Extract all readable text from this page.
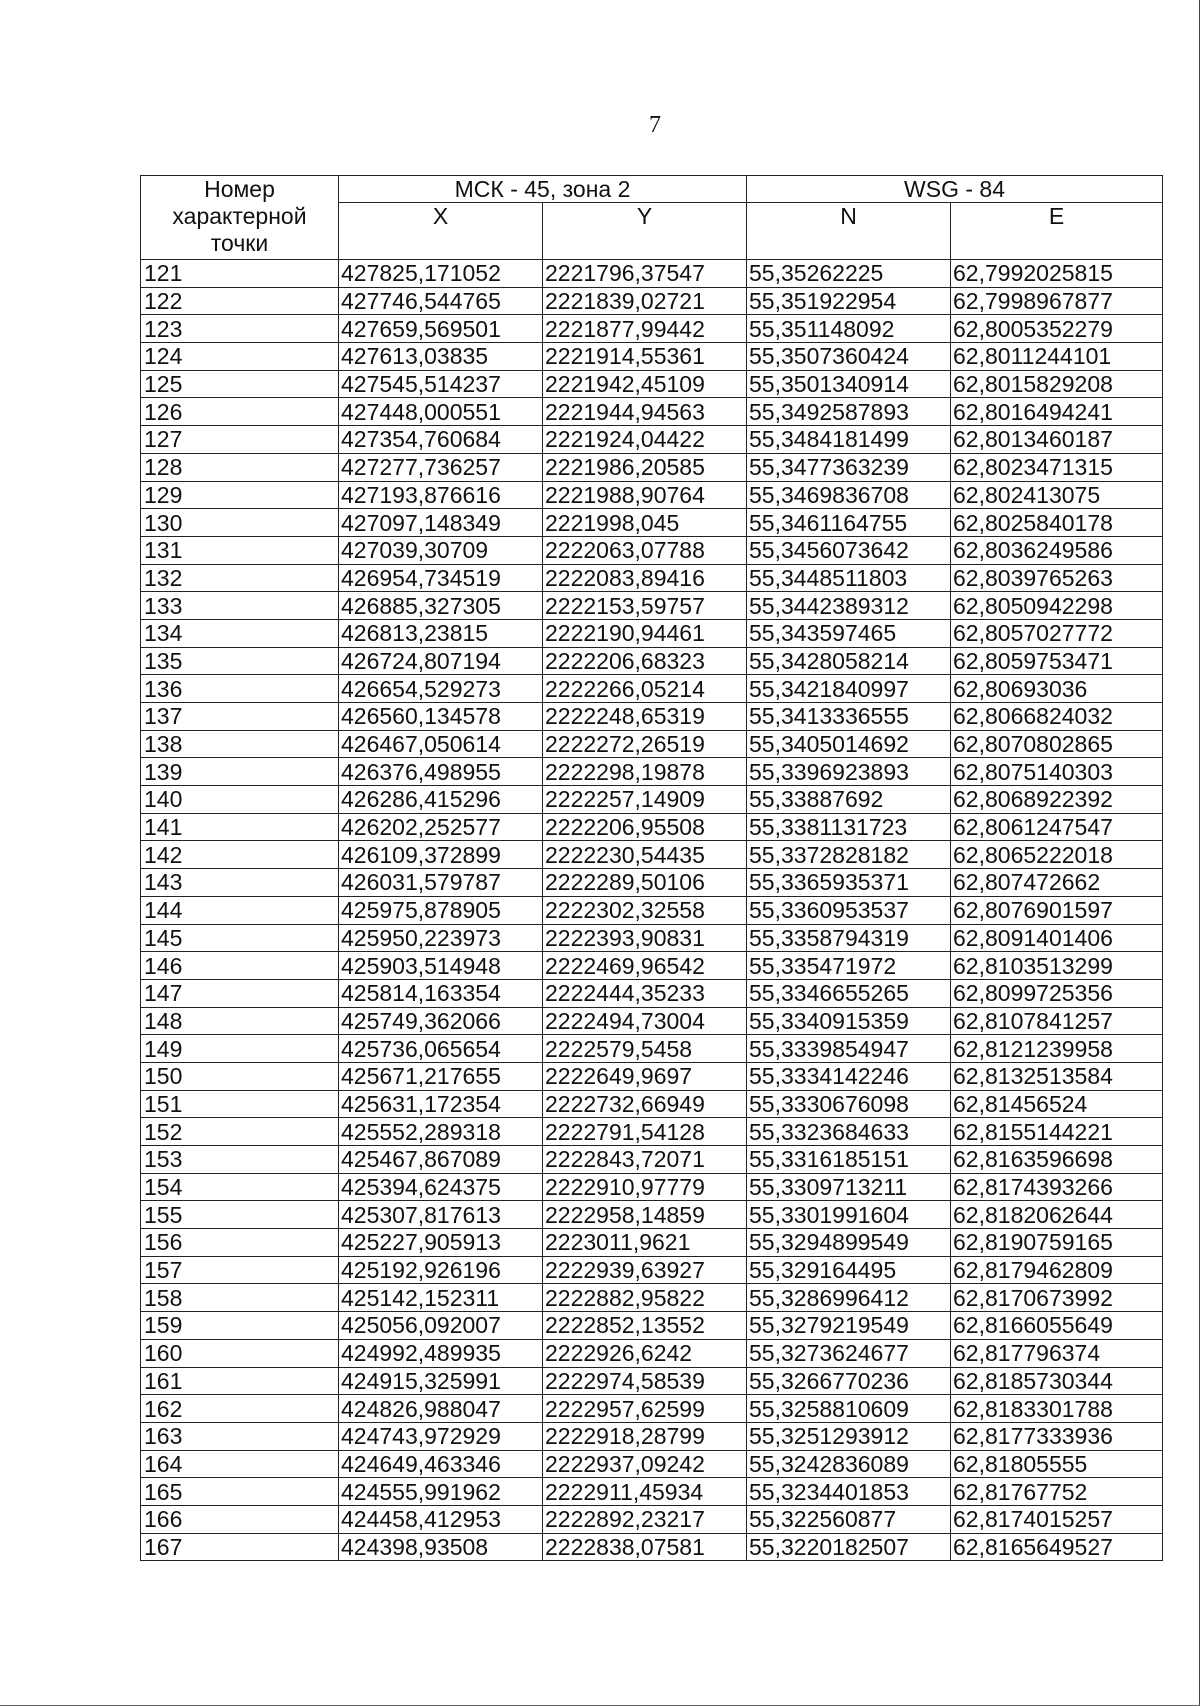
7
Номер характерной точки	МСК - 45, зона 2		WSG - 84	
	X	Y	N	E
121	427825,171052	2221796,37547	55,35262225	62,7992025815
122	427746,544765	2221839,02721	55,351922954	62,7998967877
123	427659,569501	2221877,99442	55,351148092	62,8005352279
124	427613,03835	2221914,55361	55,3507360424	62,8011244101
125	427545,514237	2221942,45109	55,3501340914	62,8015829208
126	427448,000551	2221944,94563	55,3492587893	62,8016494241
127	427354,760684	2221924,04422	55,3484181499	62,8013460187
128	427277,736257	2221986,20585	55,3477363239	62,8023471315
129	427193,876616	2221988,90764	55,3469836708	62,802413075
130	427097,148349	2221998,045	55,3461164755	62,8025840178
131	427039,30709	2222063,07788	55,3456073642	62,8036249586
132	426954,734519	2222083,89416	55,3448511803	62,8039765263
133	426885,327305	2222153,59757	55,3442389312	62,8050942298
134	426813,23815	2222190,94461	55,343597465	62,8057027772
135	426724,807194	2222206,68323	55,3428058214	62,8059753471
136	426654,529273	2222266,05214	55,3421840997	62,80693036
137	426560,134578	2222248,65319	55,3413336555	62,8066824032
138	426467,050614	2222272,26519	55,3405014692	62,8070802865
139	426376,498955	2222298,19878	55,3396923893	62,8075140303
140	426286,415296	2222257,14909	55,33887692	62,8068922392
141	426202,252577	2222206,95508	55,3381131723	62,8061247547
142	426109,372899	2222230,54435	55,3372828182	62,8065222018
143	426031,579787	2222289,50106	55,3365935371	62,807472662
144	425975,878905	2222302,32558	55,3360953537	62,8076901597
145	425950,223973	2222393,90831	55,3358794319	62,8091401406
146	425903,514948	2222469,96542	55,335471972	62,8103513299
147	425814,163354	2222444,35233	55,3346655265	62,8099725356
148	425749,362066	2222494,73004	55,3340915359	62,8107841257
149	425736,065654	2222579,5458	55,3339854947	62,8121239958
150	425671,217655	2222649,9697	55,3334142246	62,8132513584
151	425631,172354	2222732,66949	55,3330676098	62,81456524
152	425552,289318	2222791,54128	55,3323684633	62,8155144221
153	425467,867089	2222843,72071	55,3316185151	62,8163596698
154	425394,624375	2222910,97779	55,3309713211	62,8174393266
155	425307,817613	2222958,14859	55,3301991604	62,8182062644
156	425227,905913	2223011,9621	55,3294899549	62,8190759165
157	425192,926196	2222939,63927	55,329164495	62,8179462809
158	425142,152311	2222882,95822	55,3286996412	62,8170673992
159	425056,092007	2222852,13552	55,3279219549	62,8166055649
160	424992,489935	2222926,6242	55,3273624677	62,817796374
161	424915,325991	2222974,58539	55,3266770236	62,8185730344
162	424826,988047	2222957,62599	55,3258810609	62,8183301788
163	424743,972929	2222918,28799	55,3251293912	62,8177333936
164	424649,463346	2222937,09242	55,3242836089	62,81805555
165	424555,991962	2222911,45934	55,3234401853	62,81767752
166	424458,412953	2222892,23217	55,322560877	62,8174015257
167	424398,93508	2222838,07581	55,3220182507	62,8165649527
